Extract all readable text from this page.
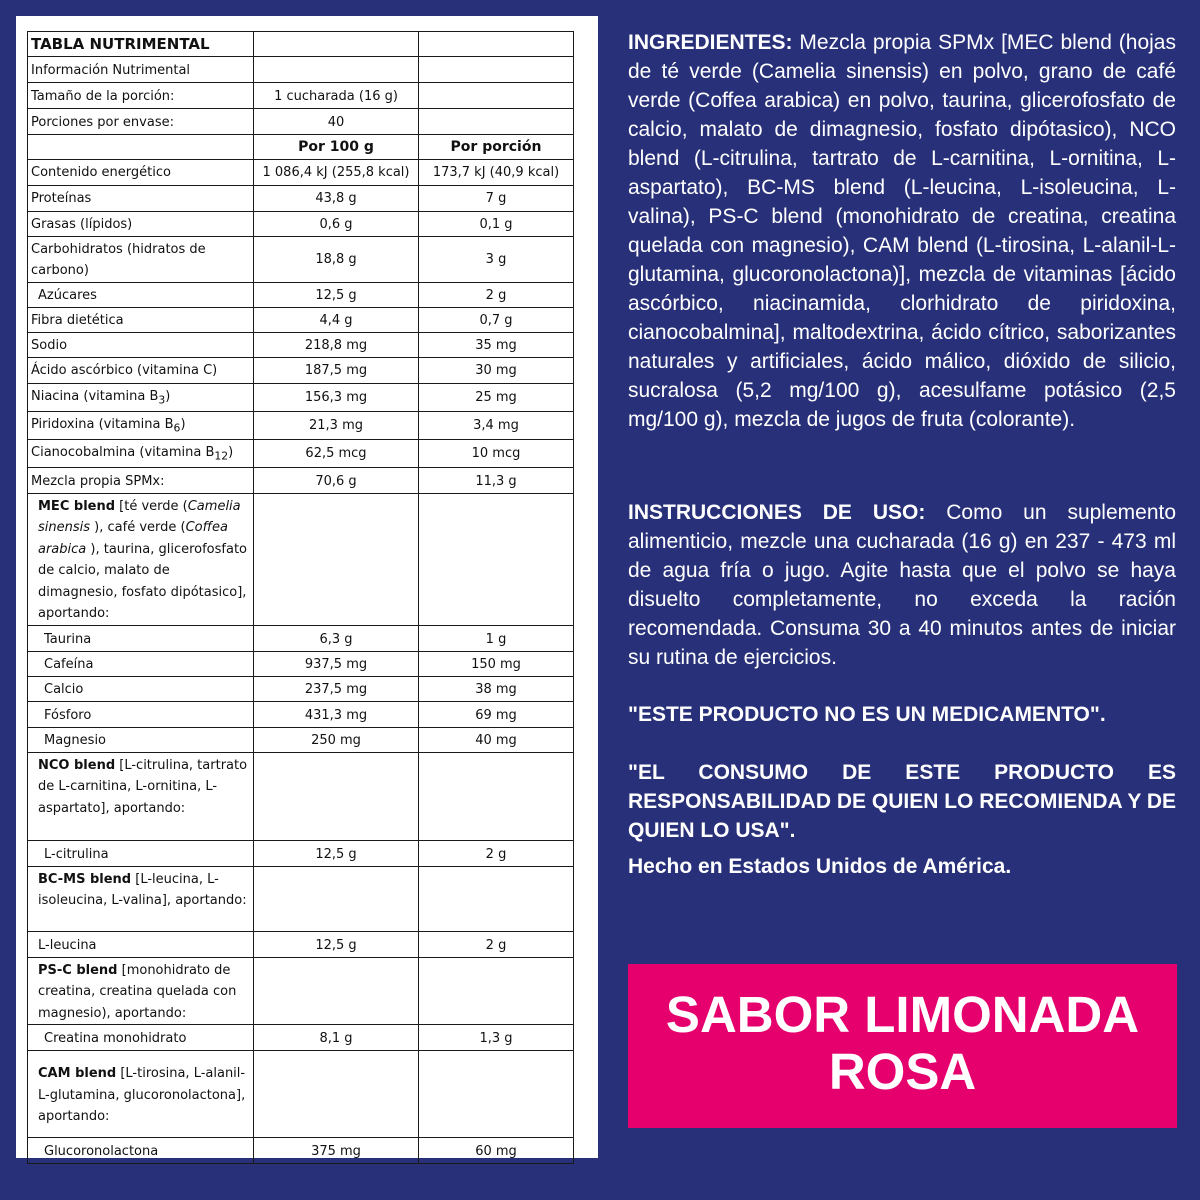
TABLA NUTRIMENTAL		
Información Nutrimental		
Tamaño de la porción:	1 cucharada (16 g)	
Porciones por envase:	40	
	Por 100 g	Por porción
Contenido energético	1 086,4 kJ (255,8 kcal)	173,7 kJ (40,9 kcal)
Proteínas	43,8 g	7 g
Grasas (lípidos)	0,6 g	0,1 g
Carbohidratos (hidratos de carbono)	18,8 g	3 g
Azúcares	12,5 g	2 g
Fibra dietética	4,4 g	0,7 g
Sodio	218,8 mg	35 mg
Ácido ascórbico (vitamina C)	187,5 mg	30 mg
Niacina (vitamina $B_3$)	156,3 mg	25 mg
Piridoxina (vitamina $B_6$)	21,3 mg	3,4 mg
Cianocobalmina (vitamina $B_{12}$)	62,5 mcg	10 mcg
Mezcla propia SPMx:	70,6 g	11,3 g
MEC blend [té verde (Camelia sinensis ), café verde (Coffea arabica ), taurina, glicerofosfato de calcio, malato de dimagnesio, fosfato dipótasico], aportando:		
Taurina	6,3 g	1 g
Cafeína	937,5 mg	150 mg
Calcio	237,5 mg	38 mg
Fósforo	431,3 mg	69 mg
Magnesio	250 mg	40 mg
NCO blend [L-citrulina, tartrato de L-carnitina, L-ornitina, L-aspartato], aportando:		
L-citrulina	12,5 g	2 g
BC-MS blend [L-leucina, L-isoleucina, L-valina], aportando:		
L-leucina	12,5 g	2 g
PS-C blend [monohidrato de creatina, creatina quelada con magnesio), aportando:		
Creatina monohidrato	8,1 g	1,3 g
CAM blend [L-tirosina, L-alanil-L-glutamina, glucoronolactona], aportando:		
Glucoronolactona	375 mg	60 mg

INGREDIENTES: Mezcla propia SPMx [MEC blend (hojas de té verde (Camelia sinensis) en polvo, grano de café verde (Coffea arabica) en polvo, taurina, glicerofosfato de calcio, malato de dimagnesio, fosfato dipótasico), NCO blend (L-citrulina, tartrato de L-carnitina, L-ornitina, L-aspartato), BC-MS blend (L-leucina, L-isoleucina, L-valina), PS-C blend (monohidrato de creatina, creatina quelada con magnesio), CAM blend (L-tirosina, L-alanil-L-glutamina, glucoronolactona)], mezcla de vitaminas [ácido ascórbico, niacinamida, clorhidrato de piridoxina, cianocobalmina], maltodextrina, ácido cítrico, saborizantes naturales y artificiales, ácido málico, dióxido de silicio, sucralosa (5,2 mg/100 g), acesulfame potásico (2,5 mg/100 g), mezcla de jugos de fruta (colorante).

INSTRUCCIONES DE USO: Como un suplemento alimenticio, mezcle una cucharada (16 g) en 237 - 473 ml de agua fría o jugo. Agite hasta que el polvo se haya disuelto completamente, no exceda la ración recomendada. Consuma 30 a 40 minutos antes de iniciar su rutina de ejercicios.

"ESTE PRODUCTO NO ES UN MEDICAMENTO".

"EL CONSUMO DE ESTE PRODUCTO ES RESPONSABILIDAD DE QUIEN LO RECOMIENDA Y DE QUIEN LO USA".

Hecho en Estados Unidos de América.

SABOR LIMONADA
ROSA
